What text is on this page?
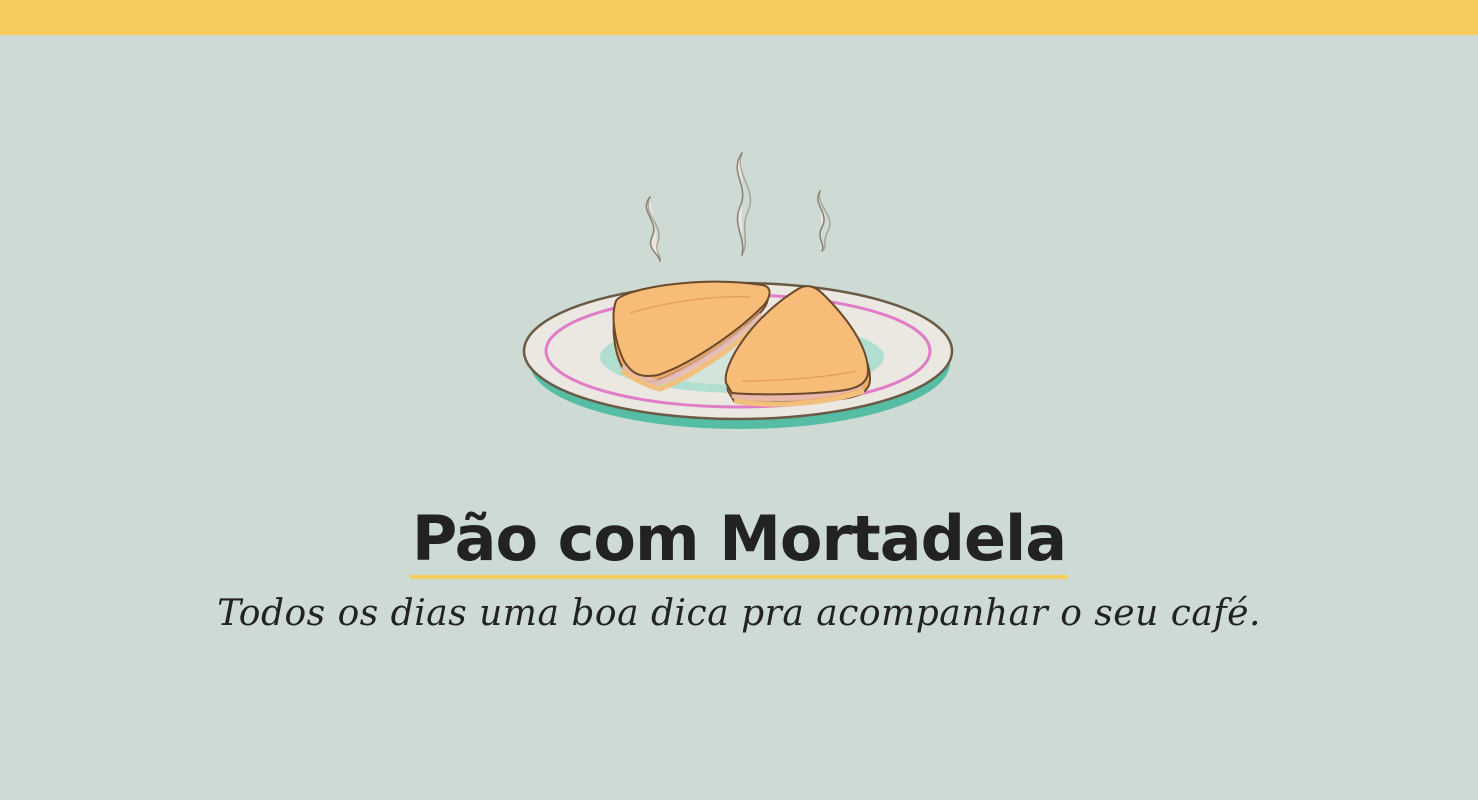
Pão com Mortadela

Todos os dias uma boa dica pra acompanhar o seu café.
